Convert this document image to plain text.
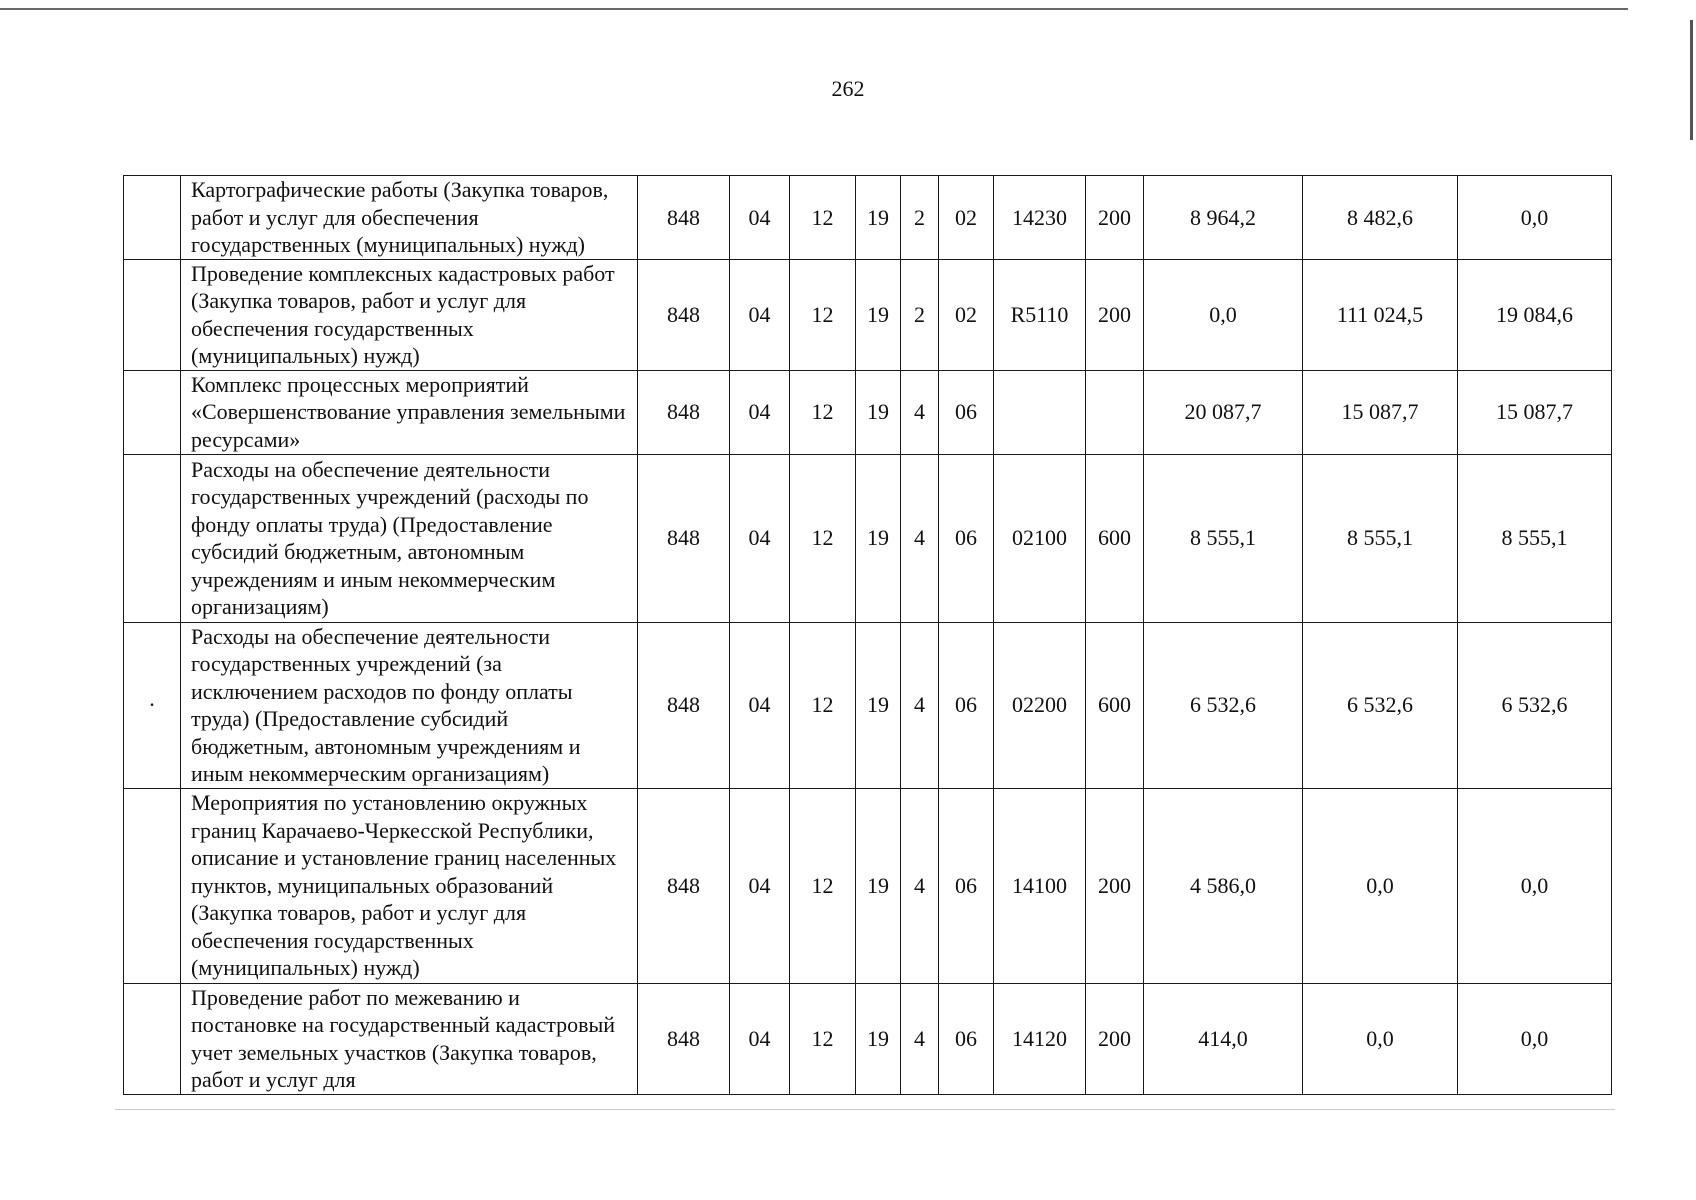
262
	Картографические работы (Закупка товаров, работ и услуг для обеспечения государственных (муниципальных) нужд)	848	04	12	19	2	02	14230	200	8 964,2	8 482,6	0,0
	Проведение комплексных кадастровых работ (Закупка товаров, работ и услуг для обеспечения государственных (муниципальных) нужд)	848	04	12	19	2	02	R5110	200	0,0	111 024,5	19 084,6
	Комплекс процессных мероприятий «Совершенствование управления земельными ресурсами»	848	04	12	19	4	06			20 087,7	15 087,7	15 087,7
	Расходы на обеспечение деятельности государственных учреждений (расходы по фонду оплаты труда) (Предоставление субсидий бюджетным, автономным учреждениям и иным некоммерческим организациям)	848	04	12	19	4	06	02100	600	8 555,1	8 555,1	8 555,1
·	Расходы на обеспечение деятельности государственных учреждений (за исключением расходов по фонду оплаты труда) (Предоставление субсидий бюджетным, автономным учреждениям и иным некоммерческим организациям)	848	04	12	19	4	06	02200	600	6 532,6	6 532,6	6 532,6
	Мероприятия по установлению окружных границ Карачаево-Черкесской Республики, описание и установление границ населенных пунктов, муниципальных образований (Закупка товаров, работ и услуг для обеспечения государственных (муниципальных) нужд)	848	04	12	19	4	06	14100	200	4 586,0	0,0	0,0
	Проведение работ по межеванию и постановке на государственный кадастровый учет земельных участков (Закупка товаров, работ и услуг для	848	04	12	19	4	06	14120	200	414,0	0,0	0,0
